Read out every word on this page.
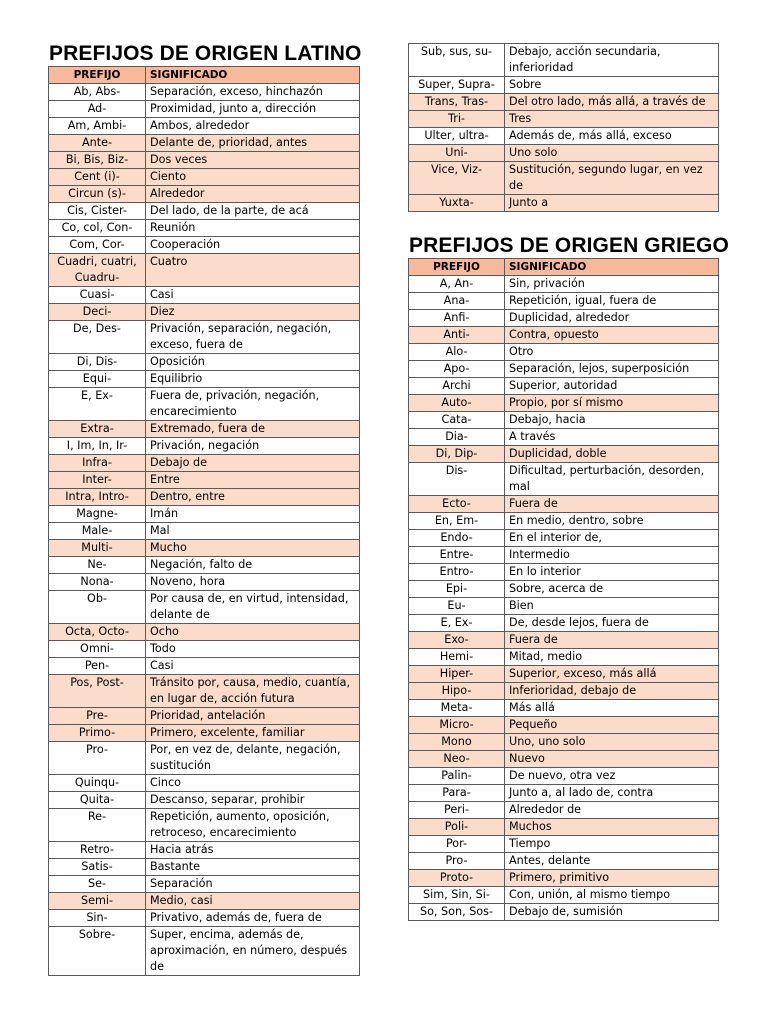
PREFIJOS DE ORIGEN LATINO
PREFIJO	SIGNIFICADO
Ab, Abs-	Separación, exceso, hinchazón
Ad-	Proximidad, junto a, dirección
Am, Ambi-	Ambos, alrededor
Ante-	Delante de, prioridad, antes
Bi, Bis, Biz-	Dos veces
Cent (i)-	Ciento
Circun (s)-	Alrededor
Cis, Cister-	Del lado, de la parte, de acá
Co, col, Con-	Reunión
Com, Cor-	Cooperación
Cuadri, cuatri, Cuadru-	Cuatro
Cuasi-	Casi
Deci-	Diez
De, Des-	Privación, separación, negación, exceso, fuera de
Di, Dis-	Oposición
Equi-	Equilibrio
E, Ex-	Fuera de, privación, negación, encarecimiento
Extra-	Extremado, fuera de
I, Im, In, Ir-	Privación, negación
Infra-	Debajo de
Inter-	Entre
Intra, Intro-	Dentro, entre
Magne-	Imán
Male-	Mal
Multi-	Mucho
Ne-	Negación, falto de
Nona-	Noveno, hora
Ob-	Por causa de, en virtud, intensidad, delante de
Octa, Octo-	Ocho
Omni-	Todo
Pen-	Casi
Pos, Post-	Tránsito por, causa, medio, cuantía, en lugar de, acción futura
Pre-	Prioridad, antelación
Primo-	Primero, excelente, familiar
Pro-	Por, en vez de, delante, negación, sustitución
Quinqu-	Cinco
Quita-	Descanso, separar, prohibir
Re-	Repetición, aumento, oposición, retroceso, encarecimiento
Retro-	Hacia atrás
Satis-	Bastante
Se-	Separación
Semi-	Medio, casi
Sin-	Privativo, además de, fuera de
Sobre-	Super, encima, además de, aproximación, en número, después de
Sub, sus, su-	Debajo, acción secundaria, inferioridad
Super, Supra-	Sobre
Trans, Tras-	Del otro lado, más allá, a través de
Tri-	Tres
Ulter, ultra-	Además de, más allá, exceso
Uni-	Uno solo
Vice, Viz-	Sustitución, segundo lugar, en vez de
Yuxta-	Junto a
PREFIJOS DE ORIGEN GRIEGO
PREFIJO	SIGNIFICADO
A, An-	Sin, privación
Ana-	Repetición, igual, fuera de
Anfi-	Duplicidad, alrededor
Anti-	Contra, opuesto
Alo-	Otro
Apo-	Separación, lejos, superposición
Archi	Superior, autoridad
Auto-	Propio, por sí mismo
Cata-	Debajo, hacia
Dia-	A través
Di, Dip-	Duplicidad, doble
Dis-	Dificultad, perturbación, desorden, mal
Ecto-	Fuera de
En, Em-	En medio, dentro, sobre
Endo-	En el interior de,
Entre-	Intermedio
Entro-	En lo interior
Epi-	Sobre, acerca de
Eu-	Bien
E, Ex-	De, desde lejos, fuera de
Exo-	Fuera de
Hemi-	Mitad, medio
Hiper-	Superior, exceso, más allá
Hipo-	Inferioridad, debajo de
Meta-	Más allá
Micro-	Pequeño
Mono	Uno, uno solo
Neo-	Nuevo
Palin-	De nuevo, otra vez
Para-	Junto a, al lado de, contra
Peri-	Alrededor de
Poli-	Muchos
Por-	Tiempo
Pro-	Antes, delante
Proto-	Primero, primitivo
Sim, Sin, Si-	Con, unión, al mismo tiempo
So, Son, Sos-	Debajo de, sumisión
